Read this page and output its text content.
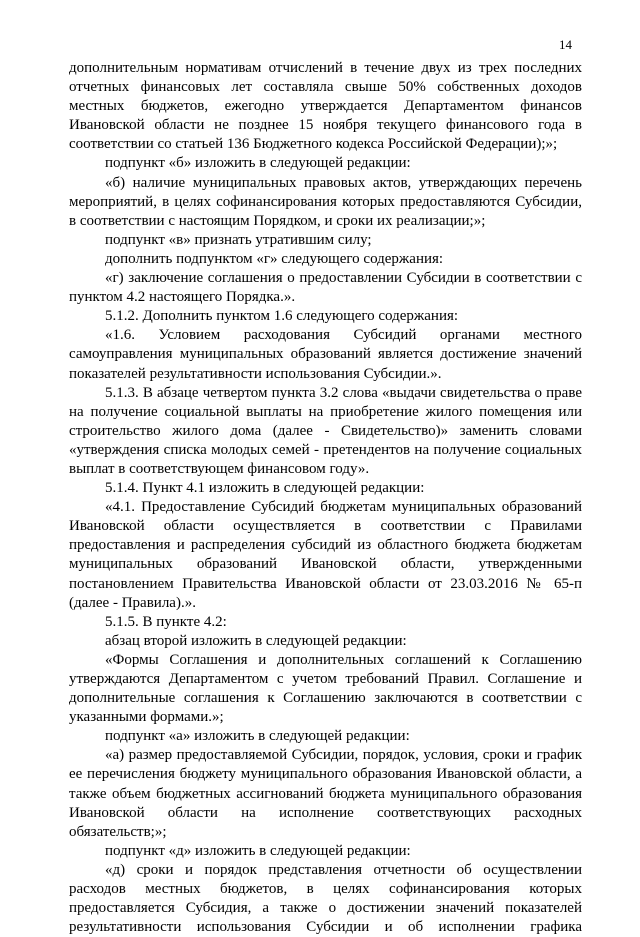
14

дополнительным нормативам отчислений в течение двух из трех последних отчетных финансовых лет составляла свыше 50% собственных доходов местных бюджетов, ежегодно утверждается Департаментом финансов Ивановской области не позднее 15 ноября текущего финансового года в соответствии со статьей 136 Бюджетного кодекса Российской Федерации);»;

подпункт «б» изложить в следующей редакции:

«б) наличие муниципальных правовых актов, утверждающих перечень мероприятий, в целях софинансирования которых предоставляются Субсидии, в соответствии с настоящим Порядком, и сроки их реализации;»;

подпункт «в» признать утратившим силу;

дополнить подпунктом «г» следующего содержания:

«г) заключение соглашения о предоставлении Субсидии в соответствии с пунктом 4.2 настоящего Порядка.».

5.1.2. Дополнить пунктом 1.6 следующего содержания:

«1.6. Условием расходования Субсидий органами местного самоуправления муниципальных образований является достижение значений показателей результативности использования Субсидии.».

5.1.3. В абзаце четвертом пункта 3.2 слова «выдачи свидетельства о праве на получение социальной выплаты на приобретение жилого помещения или строительство жилого дома (далее - Свидетельство)» заменить словами «утверждения списка молодых семей - претендентов на получение социальных выплат в соответствующем финансовом году».

5.1.4. Пункт 4.1 изложить в следующей редакции:

«4.1. Предоставление Субсидий бюджетам муниципальных образований Ивановской области осуществляется в соответствии с Правилами предоставления и распределения субсидий из областного бюджета бюджетам муниципальных образований Ивановской области, утвержденными постановлением Правительства Ивановской области от 23.03.2016 № 65-п (далее - Правила).».

5.1.5. В пункте 4.2:

абзац второй изложить в следующей редакции:

«Формы Соглашения и дополнительных соглашений к Соглашению утверждаются Департаментом с учетом требований Правил. Соглашение и дополнительные соглашения к Соглашению заключаются в соответствии с указанными формами.»;

подпункт «а» изложить в следующей редакции:

«а) размер предоставляемой Субсидии, порядок, условия, сроки и график ее перечисления бюджету муниципального образования Ивановской области, а также объем бюджетных ассигнований бюджета муниципального образования Ивановской области на исполнение соответствующих расходных обязательств;»;

подпункт «д» изложить в следующей редакции:

«д) сроки и порядок представления отчетности об осуществлении расходов местных бюджетов, в целях софинансирования которых предоставляется Субсидия, а также о достижении значений показателей результативности использования Субсидии и об исполнении графика
